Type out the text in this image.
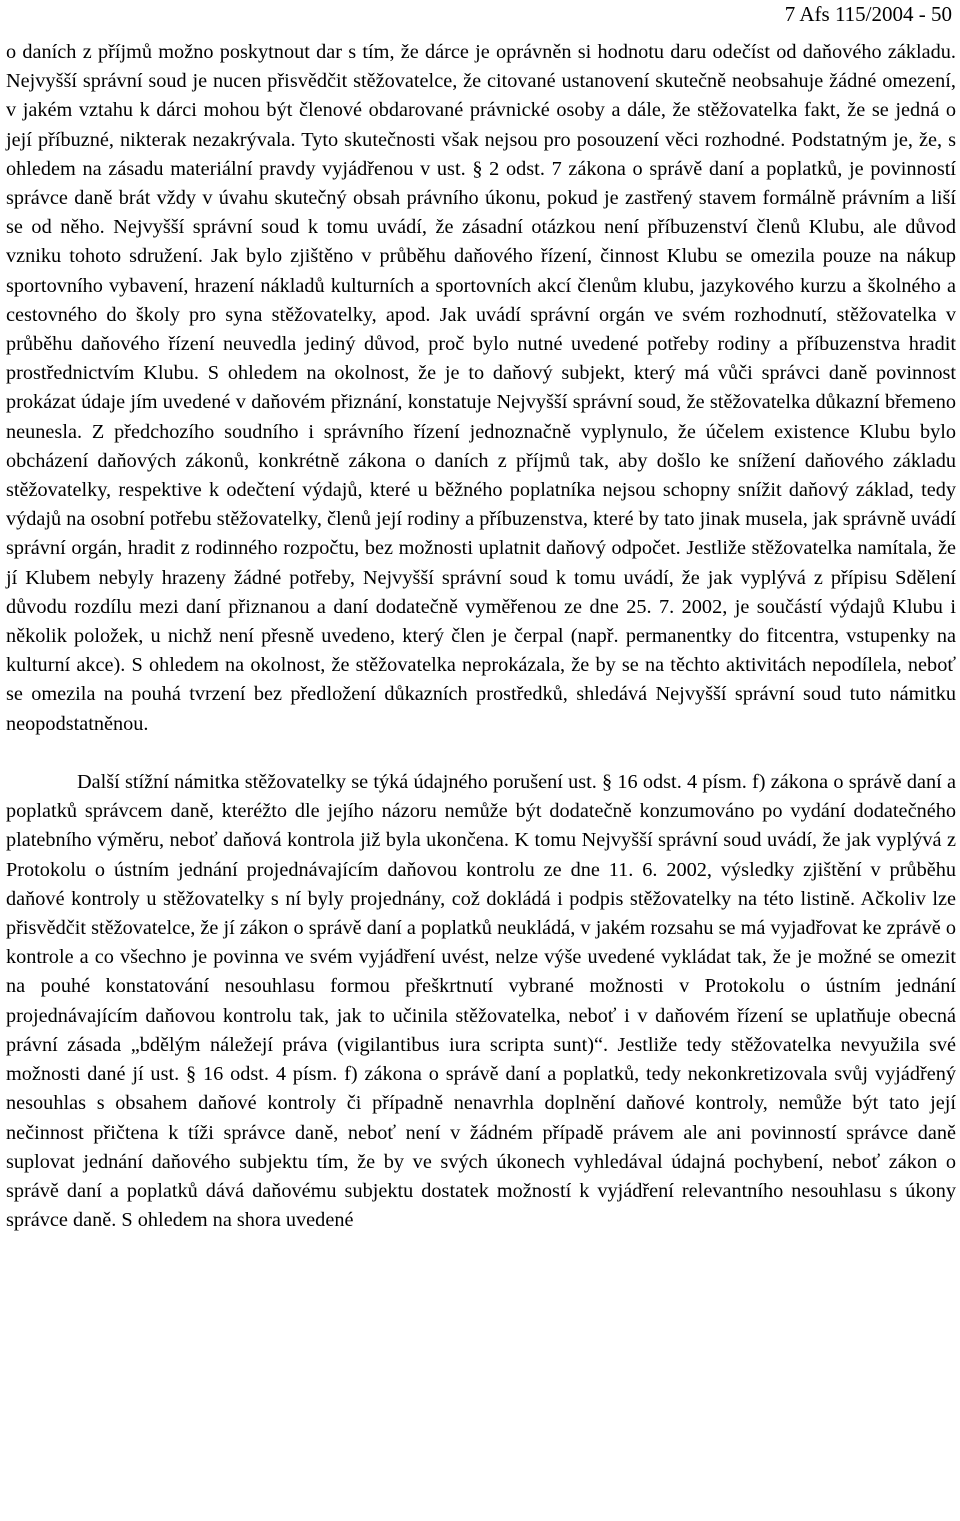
7 Afs 115/2004 - 50

o daních z příjmů možno poskytnout dar s tím, že dárce je oprávněn si hodnotu daru odečíst od daňového základu. Nejvyšší správní soud je nucen přisvědčit stěžovatelce, že citované ustanovení skutečně neobsahuje žádné omezení, v jakém vztahu k dárci mohou být členové obdarované právnické osoby a dále, že stěžovatelka fakt, že se jedná o její příbuzné, nikterak nezakrývala. Tyto skutečnosti však nejsou pro posouzení věci rozhodné. Podstatným je, že, s ohledem na zásadu materiální pravdy vyjádřenou v ust. § 2 odst. 7 zákona o správě daní a poplatků, je povinností správce daně brát vždy v úvahu skutečný obsah právního úkonu, pokud je zastřený stavem formálně právním a liší se od něho. Nejvyšší správní soud k tomu uvádí, že zásadní otázkou není příbuzenství členů Klubu, ale důvod vzniku tohoto sdružení. Jak bylo zjištěno v průběhu daňového řízení, činnost Klubu se omezila pouze na nákup sportovního vybavení, hrazení nákladů kulturních a sportovních akcí členům klubu, jazykového kurzu a školného a cestovného do školy pro syna stěžovatelky, apod. Jak uvádí správní orgán ve svém rozhodnutí, stěžovatelka v průběhu daňového řízení neuvedla jediný důvod, proč bylo nutné uvedené potřeby rodiny a příbuzenstva hradit prostřednictvím Klubu. S ohledem na okolnost, že je to daňový subjekt, který má vůči správci daně povinnost prokázat údaje jím uvedené v daňovém přiznání, konstatuje Nejvyšší správní soud, že stěžovatelka důkazní břemeno neunesla. Z předchozího soudního i správního řízení jednoznačně vyplynulo, že účelem existence Klubu bylo obcházení daňových zákonů, konkrétně zákona o daních z příjmů tak, aby došlo ke snížení daňového základu stěžovatelky, respektive k odečtení výdajů, které u běžného poplatníka nejsou schopny snížit daňový základ, tedy výdajů na osobní potřebu stěžovatelky, členů její rodiny a příbuzenstva, které by tato jinak musela, jak správně uvádí správní orgán, hradit z rodinného rozpočtu, bez možnosti uplatnit daňový odpočet. Jestliže stěžovatelka namítala, že jí Klubem nebyly hrazeny žádné potřeby, Nejvyšší správní soud k tomu uvádí, že jak vyplývá z přípisu Sdělení důvodu rozdílu mezi daní přiznanou a daní dodatečně vyměřenou ze dne 25. 7. 2002, je součástí výdajů Klubu i několik položek, u nichž není přesně uvedeno, který člen je čerpal (např. permanentky do fitcentra, vstupenky na kulturní akce). S ohledem na okolnost, že stěžovatelka neprokázala, že by se na těchto aktivitách nepodílela, neboť se omezila na pouhá tvrzení bez předložení důkazních prostředků, shledává Nejvyšší správní soud tuto námitku neopodstatněnou.

Další stížní námitka stěžovatelky se týká údajného porušení ust. § 16 odst. 4 písm. f) zákona o správě daní a poplatků správcem daně, kteréžto dle jejího názoru nemůže být dodatečně konzumováno po vydání dodatečného platebního výměru, neboť daňová kontrola již byla ukončena. K tomu Nejvyšší správní soud uvádí, že jak vyplývá z Protokolu o ústním jednání projednávajícím daňovou kontrolu ze dne 11. 6. 2002, výsledky zjištění v průběhu daňové kontroly u stěžovatelky s ní byly projednány, což dokládá i podpis stěžovatelky na této listině. Ačkoliv lze přisvědčit stěžovatelce, že jí zákon o správě daní a poplatků neukládá, v jakém rozsahu se má vyjadřovat ke zprávě o kontrole a co všechno je povinna ve svém vyjádření uvést, nelze výše uvedené vykládat tak, že je možné se omezit na pouhé konstatování nesouhlasu formou přeškrtnutí vybrané možnosti v Protokolu o ústním jednání projednávajícím daňovou kontrolu tak, jak to učinila stěžovatelka, neboť i v daňovém řízení se uplatňuje obecná právní zásada „bdělým náležejí práva (vigilantibus iura scripta sunt)“. Jestliže tedy stěžovatelka nevyužila své možnosti dané jí ust. § 16 odst. 4 písm. f) zákona o správě daní a poplatků, tedy nekonkretizovala svůj vyjádřený nesouhlas s obsahem daňové kontroly či případně nenavrhla doplnění daňové kontroly, nemůže být tato její nečinnost přičtena k tíži správce daně, neboť není v žádném případě právem ale ani povinností správce daně suplovat jednání daňového subjektu tím, že by ve svých úkonech vyhledával údajná pochybení, neboť zákon o správě daní a poplatků dává daňovému subjektu dostatek možností k vyjádření relevantního nesouhlasu s úkony správce daně. S ohledem na shora uvedené
